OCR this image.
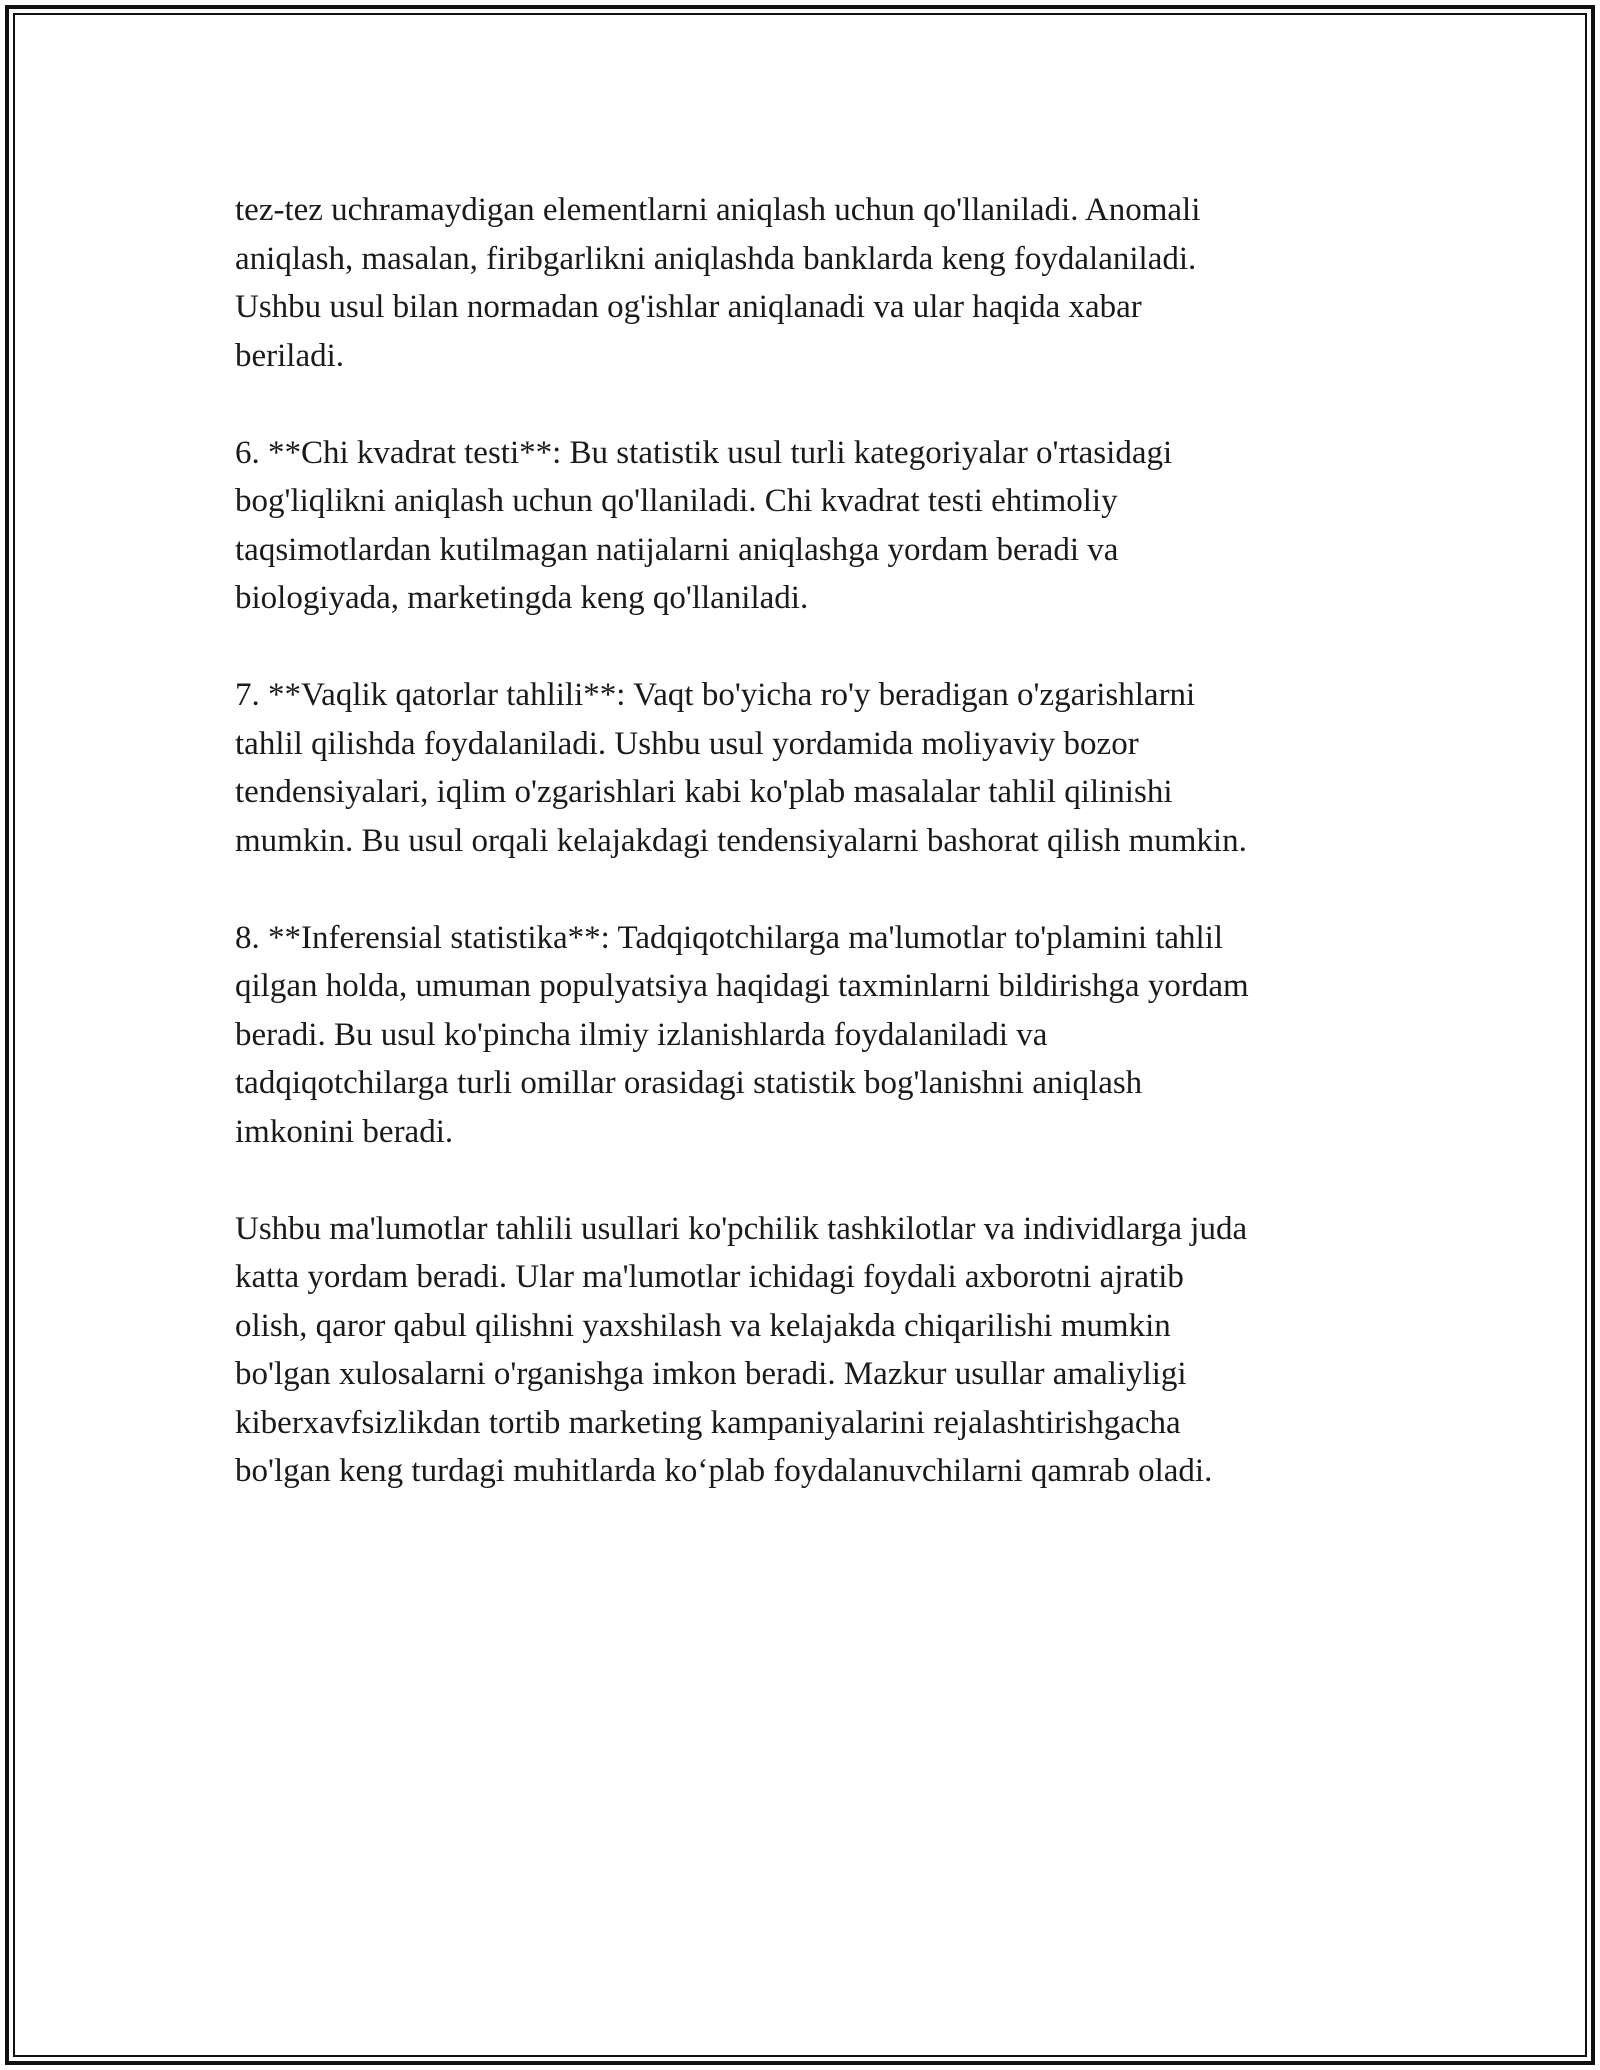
tez-tez uchramaydigan elementlarni aniqlash uchun qo'llaniladi. Anomali
aniqlash, masalan, firibgarlikni aniqlashda banklarda keng foydalaniladi.
Ushbu usul bilan normadan og'ishlar aniqlanadi va ular haqida xabar
beriladi.

6. **Chi kvadrat testi**: Bu statistik usul turli kategoriyalar o'rtasidagi
bog'liqlikni aniqlash uchun qo'llaniladi. Chi kvadrat testi ehtimoliy
taqsimotlardan kutilmagan natijalarni aniqlashga yordam beradi va
biologiyada, marketingda keng qo'llaniladi.

7. **Vaqlik qatorlar tahlili**: Vaqt bo'yicha ro'y beradigan o'zgarishlarni
tahlil qilishda foydalaniladi. Ushbu usul yordamida moliyaviy bozor
tendensiyalari, iqlim o'zgarishlari kabi ko'plab masalalar tahlil qilinishi
mumkin. Bu usul orqali kelajakdagi tendensiyalarni bashorat qilish mumkin.

8. **Inferensial statistika**: Tadqiqotchilarga ma'lumotlar to'plamini tahlil
qilgan holda, umuman populyatsiya haqidagi taxminlarni bildirishga yordam
beradi. Bu usul ko'pincha ilmiy izlanishlarda foydalaniladi va
tadqiqotchilarga turli omillar orasidagi statistik bog'lanishni aniqlash
imkonini beradi.

Ushbu ma'lumotlar tahlili usullari ko'pchilik tashkilotlar va individlarga juda
katta yordam beradi. Ular ma'lumotlar ichidagi foydali axborotni ajratib
olish, qaror qabul qilishni yaxshilash va kelajakda chiqarilishi mumkin
bo'lgan xulosalarni o'rganishga imkon beradi. Mazkur usullar amaliyligi
kiberxavfsizlikdan tortib marketing kampaniyalarini rejalashtirishgacha
bo'lgan keng turdagi muhitlarda ko‘plab foydalanuvchilarni qamrab oladi.
